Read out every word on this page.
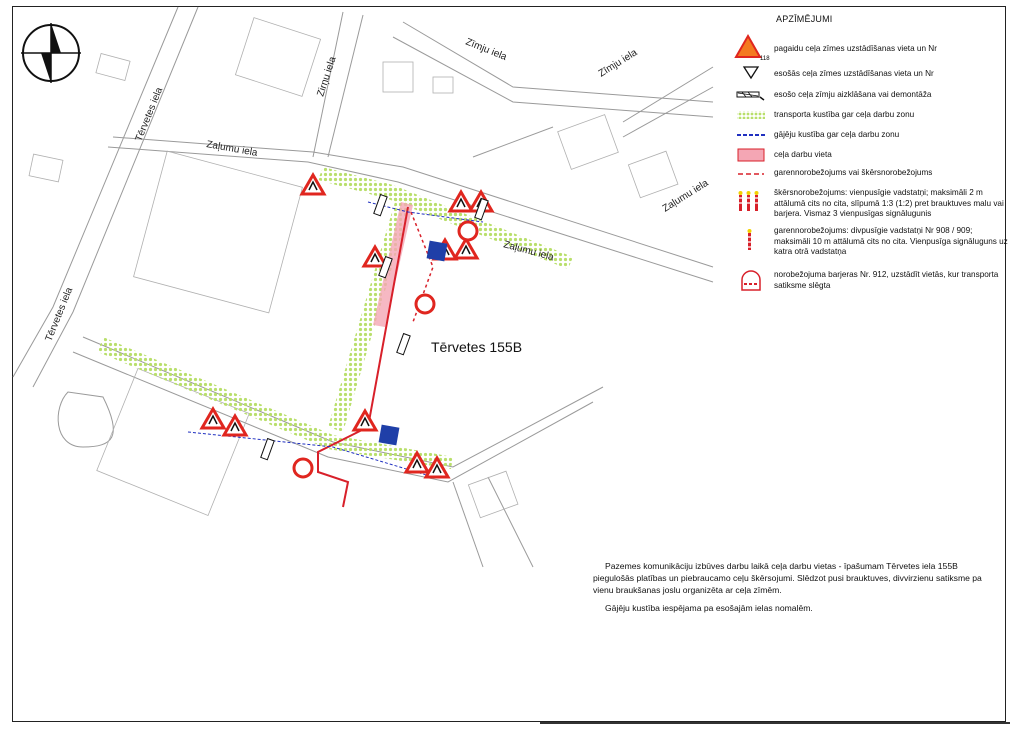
Tērvetes iela
Tērvetes iela
Zaļumu iela
Zaļumu iela
Zaļumu iela
Zīmju iela
Zirņu iela	Zīmju iela
Tērvetes 155B
APZĪMĒJUMI
118
pagaidu ceļa zīmes uzstādīšanas vieta un Nr
esošās ceļa zīmes uzstādīšanas vieta un Nr
esošo ceļa zīmju aizklāšana vai demontāža
transporta kustība gar ceļa darbu zonu
gājēju kustība gar ceļa darbu zonu
ceļa darbu vieta
garennorobežojums vai škērsnorobežojums
škērsnorobežojums: vienpusīgie vadstatņi; maksimāli 2 m attālumā cits no cita, slīpumā 1:3 (1:2) pret brauktuves malu vai barjera. Vismaz 3 vienpusīgas signālugunis
garennorobežojums: divpusīgie vadstatņi Nr 908 / 909; maksimāli 10 m attālumā cits no cita. Vienpusīga signāluguns uz katra otrā vadstatņa
norobežojuma barjeras Nr. 912, uzstādīt vietās, kur transporta satiksme slēgta

Pazemes komunikāciju izbūves darbu laikā ceļa darbu vietas - īpašumam Tērvetes iela 155B piegulošās platības un piebraucamo ceļu škērsojumi. Slēdzot pusi brauktuves, divvirzienu satiksme pa vienu braukšanas joslu organizēta ar ceļa zīmēm.

Gājēju kustība iespējama pa esošajām ielas nomalēm.
